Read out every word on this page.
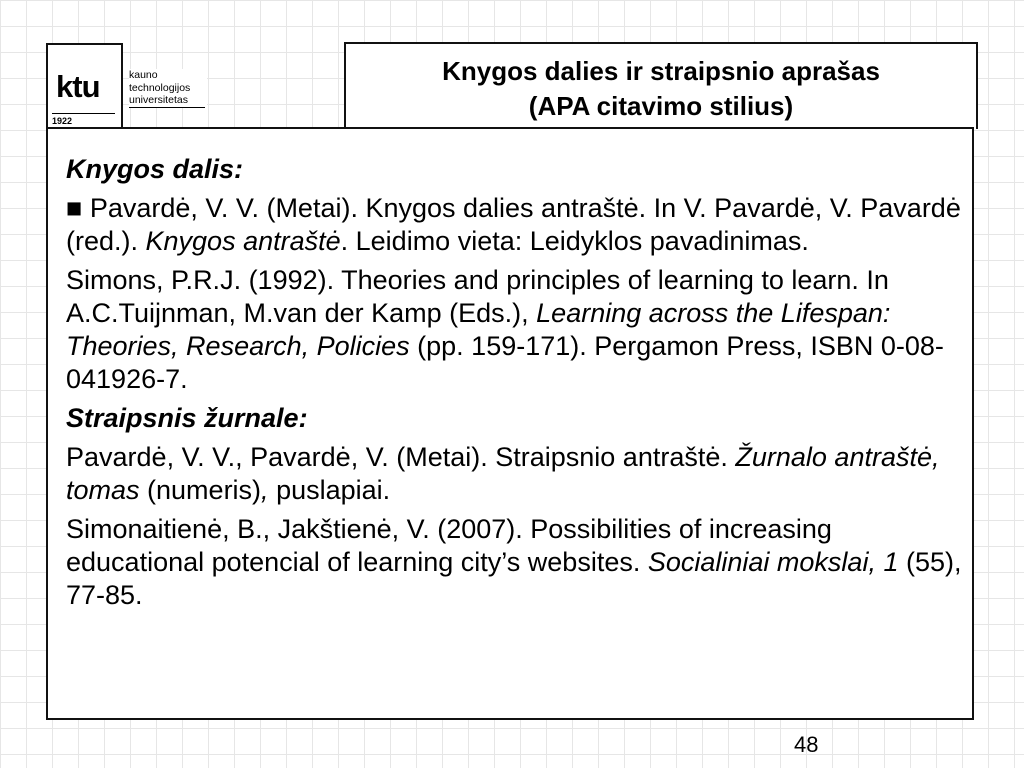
ktu
1922
kauno
technologijos
universitetas
Knygos dalies ir straipsnio aprašas
(APA citavimo stilius)

Knygos dalis:

■ Pavardė, V. V. (Metai). Knygos dalies antraštė. In V. Pavardė, V. Pavardė (red.). Knygos antraštė. Leidimo vieta: Leidyklos pavadinimas.

Simons, P.R.J. (1992). Theories and principles of learning to learn. In A.C.Tuijnman, M.van der Kamp (Eds.), Learning across the Lifespan: Theories, Research, Policies (pp. 159-171). Pergamon Press, ISBN 0-08-041926-7.

Straipsnis žurnale:

Pavardė, V. V., Pavardė, V. (Metai). Straipsnio antraštė. Žurnalo antraštė, tomas (numeris), puslapiai.

Simonaitienė, B., Jakštienė, V. (2007). Possibilities of increasing educational potencial of learning city’s websites. Socialiniai mokslai, 1 (55), 77-85.

48
